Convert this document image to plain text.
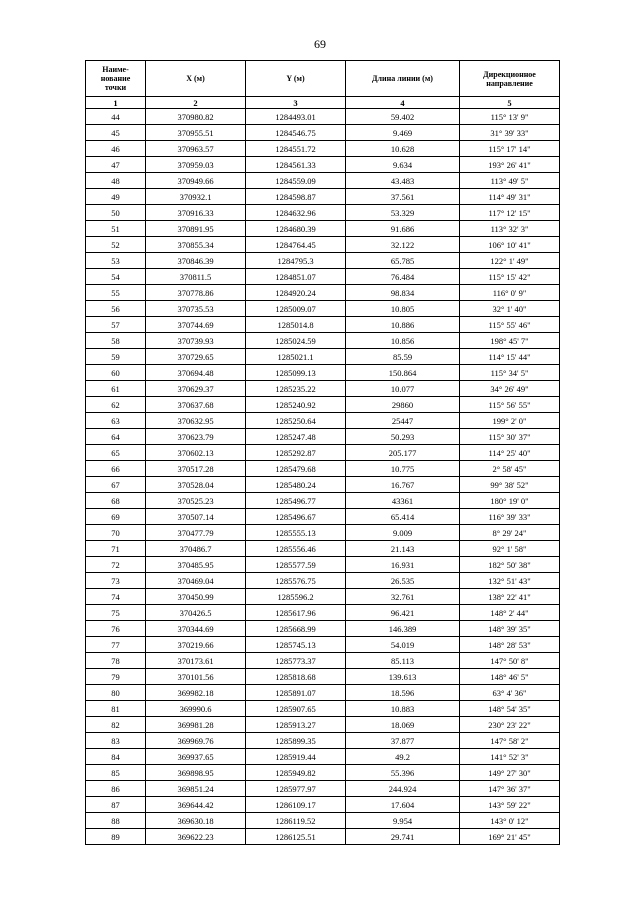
69
Наиме-
нование
точки	X (м)	Y (м)	Длина линии (м)	Дирекционное
направление
1	2	3	4	5
44	370980.82	1284493.01	59.402	115° 13' 9"
45	370955.51	1284546.75	9.469	31° 39' 33"
46	370963.57	1284551.72	10.628	115° 17' 14"
47	370959.03	1284561.33	9.634	193° 26' 41"
48	370949.66	1284559.09	43.483	113° 49' 5"
49	370932.1	1284598.87	37.561	114° 49' 31"
50	370916.33	1284632.96	53.329	117° 12' 15"
51	370891.95	1284680.39	91.686	113° 32' 3"
52	370855.34	1284764.45	32.122	106° 10' 41"
53	370846.39	1284795.3	65.785	122° 1' 49"
54	370811.5	1284851.07	76.484	115° 15' 42"
55	370778.86	1284920.24	98.834	116° 0' 9"
56	370735.53	1285009.07	10.805	32° 1' 40"
57	370744.69	1285014.8	10.886	115° 55' 46"
58	370739.93	1285024.59	10.856	198° 45' 7"
59	370729.65	1285021.1	85.59	114° 15' 44"
60	370694.48	1285099.13	150.864	115° 34' 5"
61	370629.37	1285235.22	10.077	34° 26' 49"
62	370637.68	1285240.92	29860	115° 56' 55"
63	370632.95	1285250.64	25447	199° 2' 0"
64	370623.79	1285247.48	50.293	115° 30' 37"
65	370602.13	1285292.87	205.177	114° 25' 40"
66	370517.28	1285479.68	10.775	2° 58' 45"
67	370528.04	1285480.24	16.767	99° 38' 52"
68	370525.23	1285496.77	43361	180° 19' 0"
69	370507.14	1285496.67	65.414	116° 39' 33"
70	370477.79	1285555.13	9.009	8° 29' 24"
71	370486.7	1285556.46	21.143	92° 1' 58"
72	370485.95	1285577.59	16.931	182° 50' 38"
73	370469.04	1285576.75	26.535	132° 51' 43"
74	370450.99	1285596.2	32.761	138° 22' 41"
75	370426.5	1285617.96	96.421	148° 2' 44"
76	370344.69	1285668.99	146.389	148° 39' 35"
77	370219.66	1285745.13	54.019	148° 28' 53"
78	370173.61	1285773.37	85.113	147° 50' 8"
79	370101.56	1285818.68	139.613	148° 46' 5"
80	369982.18	1285891.07	18.596	63° 4' 36"
81	369990.6	1285907.65	10.883	148° 54' 35"
82	369981.28	1285913.27	18.069	230° 23' 22"
83	369969.76	1285899.35	37.877	147° 58' 2"
84	369937.65	1285919.44	49.2	141° 52' 3"
85	369898.95	1285949.82	55.396	149° 27' 30"
86	369851.24	1285977.97	244.924	147° 36' 37"
87	369644.42	1286109.17	17.604	143° 59' 22"
88	369630.18	1286119.52	9.954	143° 0' 12"
89	369622.23	1286125.51	29.741	169° 21' 45"
